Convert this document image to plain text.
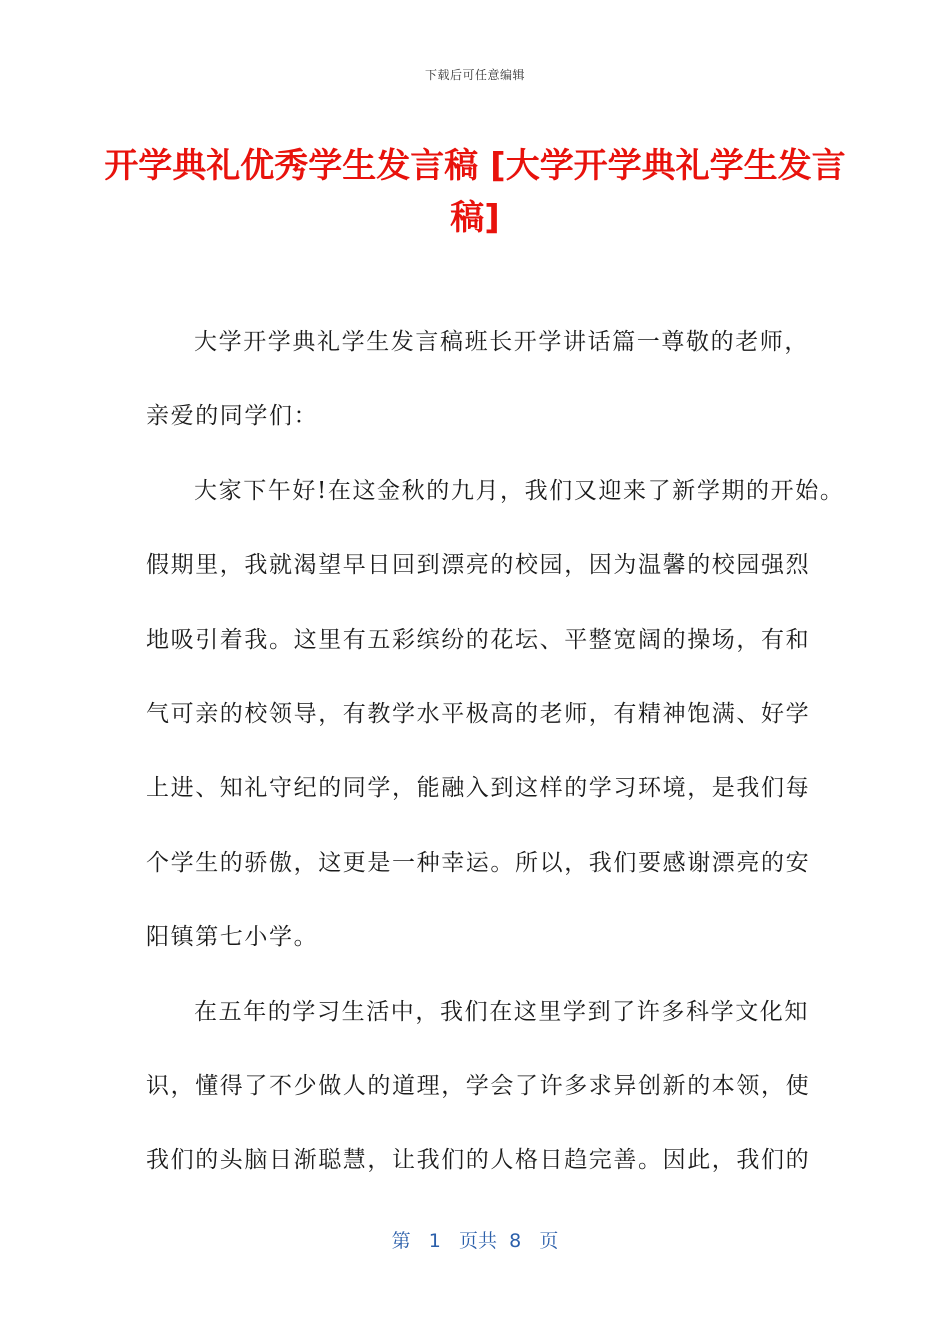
下载后可任意编辑
开学典礼优秀学生发言稿 [大学开学典礼学生发言稿]
大学开学典礼学生发言稿班长开学讲话篇一尊敬的老师，
亲爱的同学们：
大家下午好!在这金秋的九月，我们又迎来了新学期的开始。
假期里，我就渴望早日回到漂亮的校园，因为温馨的校园强烈
地吸引着我。这里有五彩缤纷的花坛、平整宽阔的操场，有和
气可亲的校领导，有教学水平极高的老师，有精神饱满、好学
上进、知礼守纪的同学，能融入到这样的学习环境，是我们每
个学生的骄傲，这更是一种幸运。所以，我们要感谢漂亮的安
阳镇第七小学。
在五年的学习生活中，我们在这里学到了许多科学文化知
识，懂得了不少做人的道理，学会了许多求异创新的本领，使
我们的头脑日渐聪慧，让我们的人格日趋完善。因此，我们的
第 1 页共 8 页
